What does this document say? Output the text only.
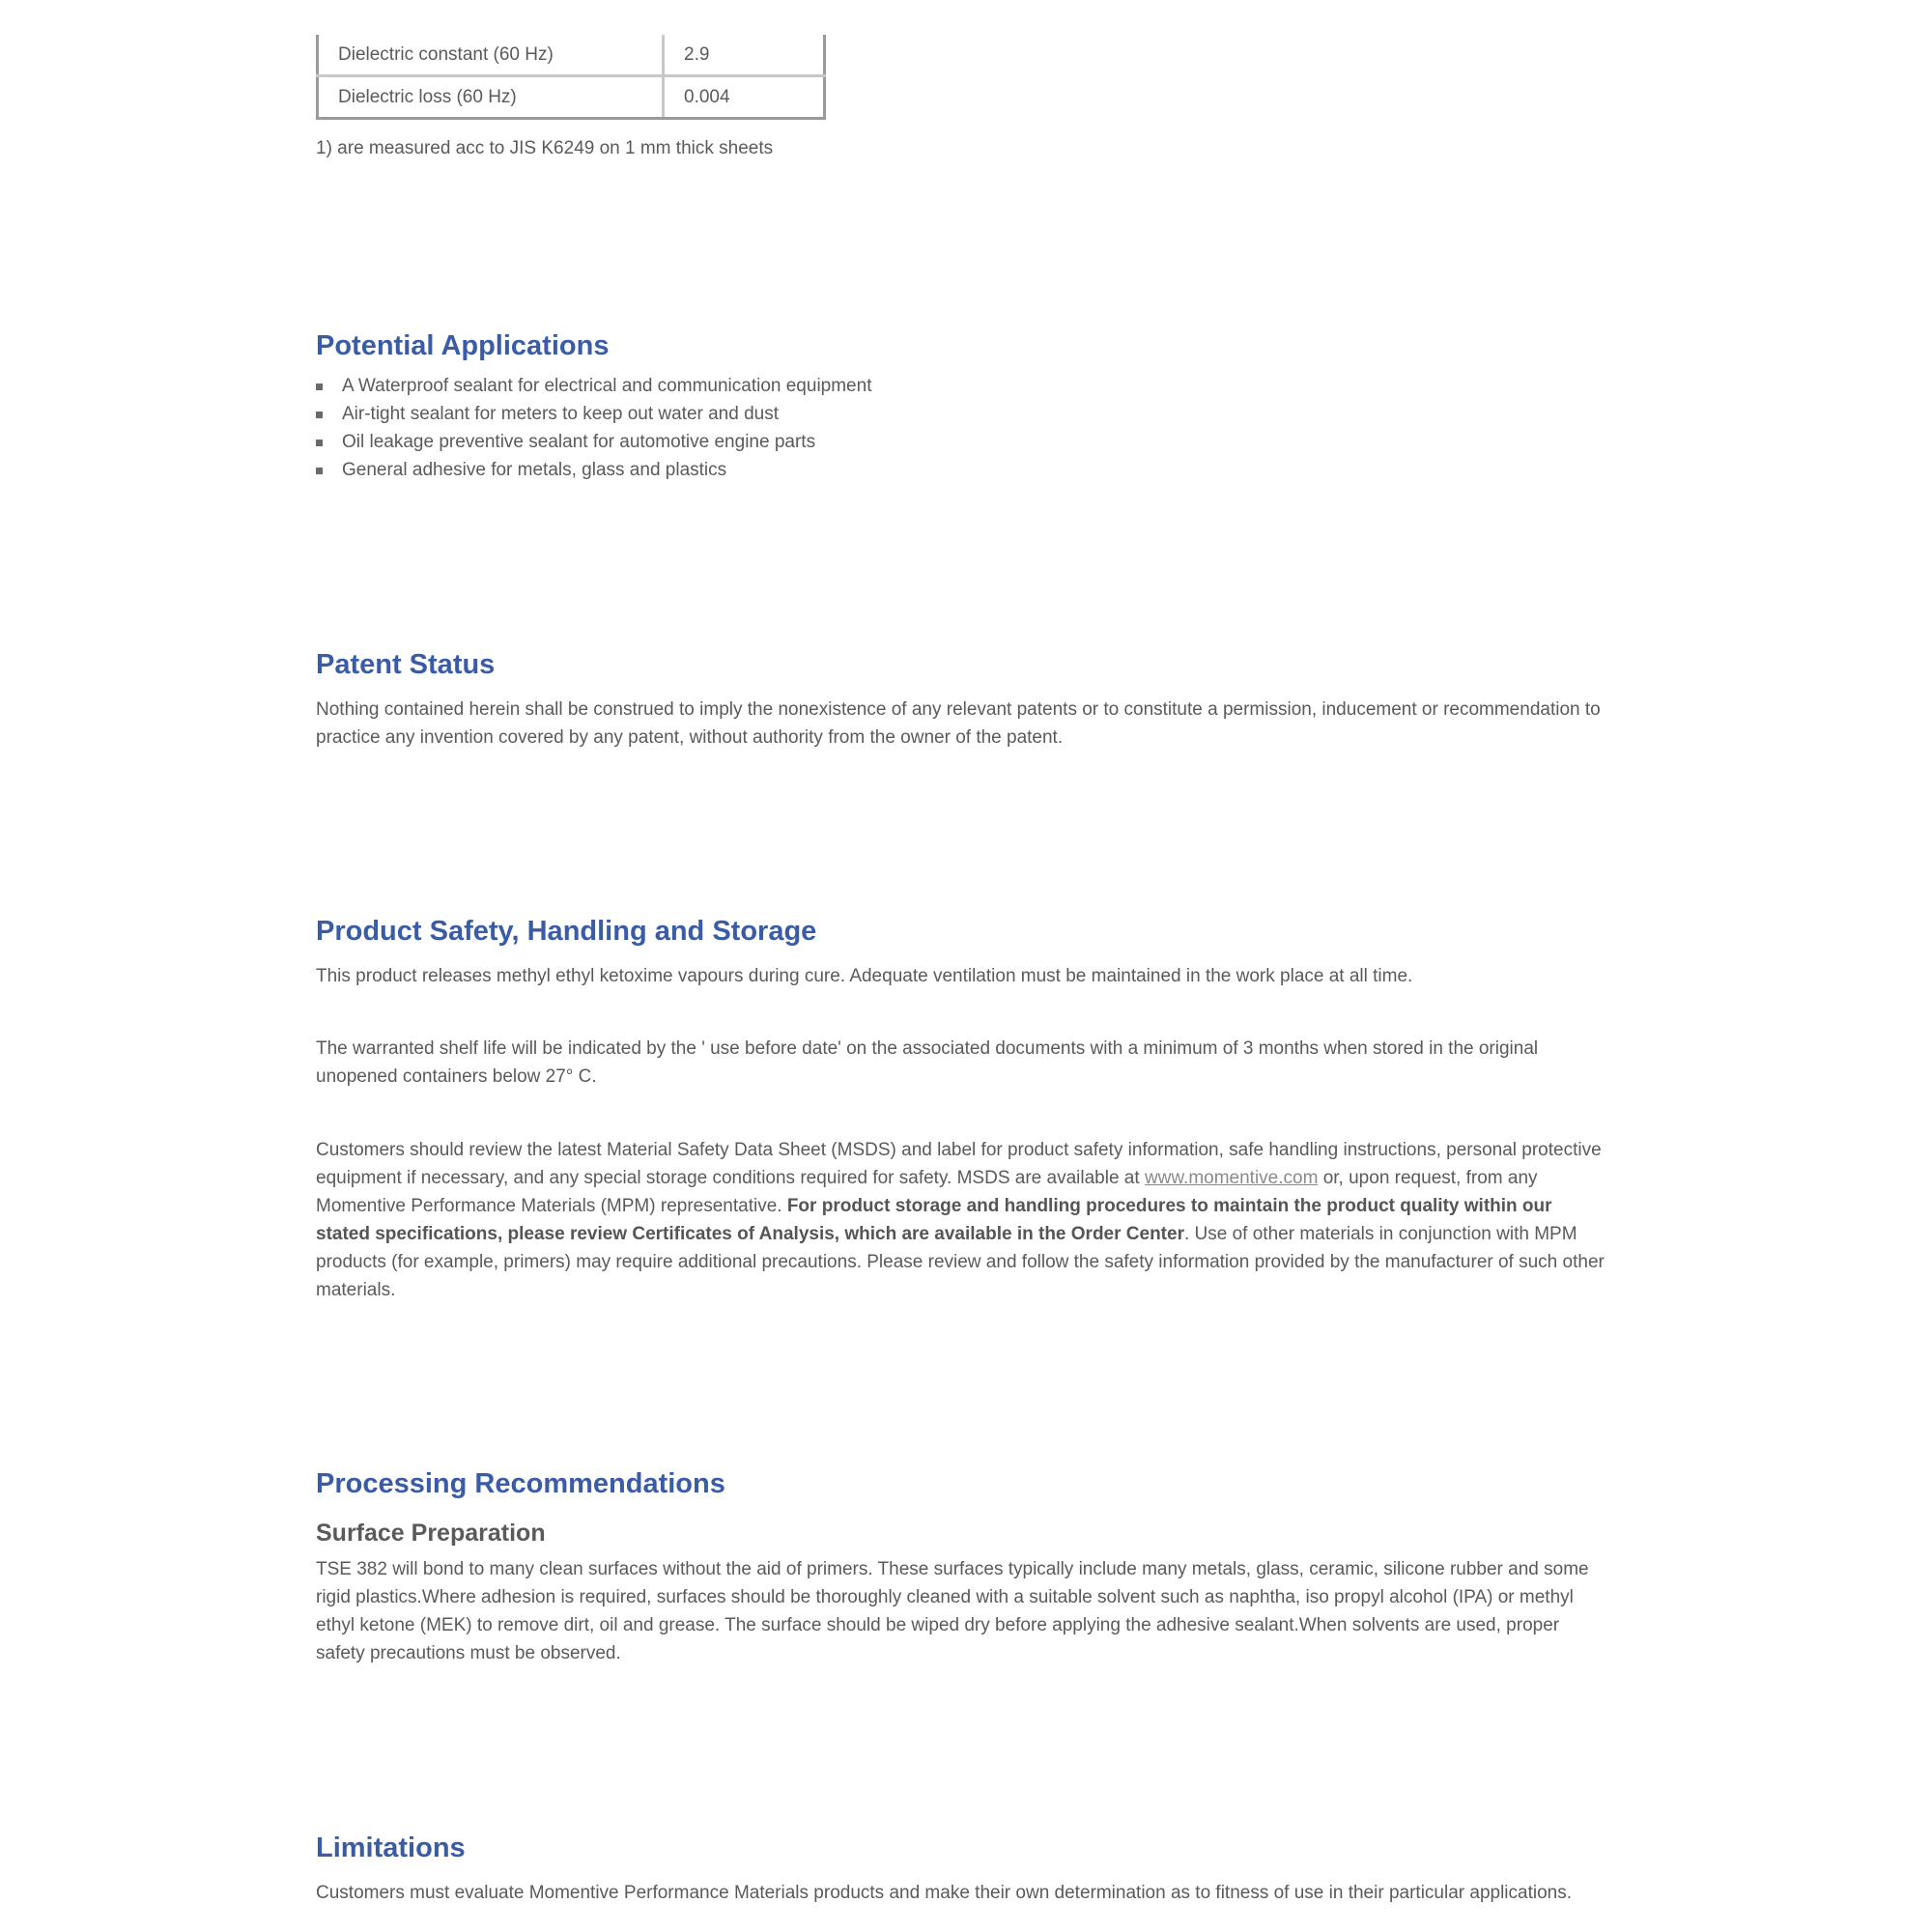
Dielectric constant (60 Hz)	2.9
Dielectric loss (60 Hz)	0.004

1) are measured acc to JIS K6249 on 1 mm thick sheets

Potential Applications
A Waterproof sealant for electrical and communication equipment
Air-tight sealant for meters to keep out water and dust
Oil leakage preventive sealant for automotive engine parts
General adhesive for metals, glass and plastics
Patent Status

Nothing contained herein shall be construed to imply the nonexistence of any relevant patents or to constitute a permission, inducement or recommendation to practice any invention covered by any patent, without authority from the owner of the patent.

Product Safety, Handling and Storage

This product releases methyl ethyl ketoxime vapours during cure. Adequate ventilation must be maintained in the work place at all time.

The warranted shelf life will be indicated by the ' use before date' on the associated documents with a minimum of 3 months when stored in the original unopened containers below 27° C.

Customers should review the latest Material Safety Data Sheet (MSDS) and label for product safety information, safe handling instructions, personal protective equipment if necessary, and any special storage conditions required for safety. MSDS are available at www.momentive.com or, upon request, from any Momentive Performance Materials (MPM) representative. For product storage and handling procedures to maintain the product quality within our stated specifications, please review Certificates of Analysis, which are available in the Order Center. Use of other materials in conjunction with MPM products (for example, primers) may require additional precautions. Please review and follow the safety information provided by the manufacturer of such other materials.

Processing Recommendations
Surface Preparation

TSE 382 will bond to many clean surfaces without the aid of primers. These surfaces typically include many metals, glass, ceramic, silicone rubber and some rigid plastics.Where adhesion is required, surfaces should be thoroughly cleaned with a suitable solvent such as naphtha, iso propyl alcohol (IPA) or methyl ethyl ketone (MEK) to remove dirt, oil and grease. The surface should be wiped dry before applying the adhesive sealant.When solvents are used, proper safety precautions must be observed.

Limitations

Customers must evaluate Momentive Performance Materials products and make their own determination as to fitness of use in their particular applications.
